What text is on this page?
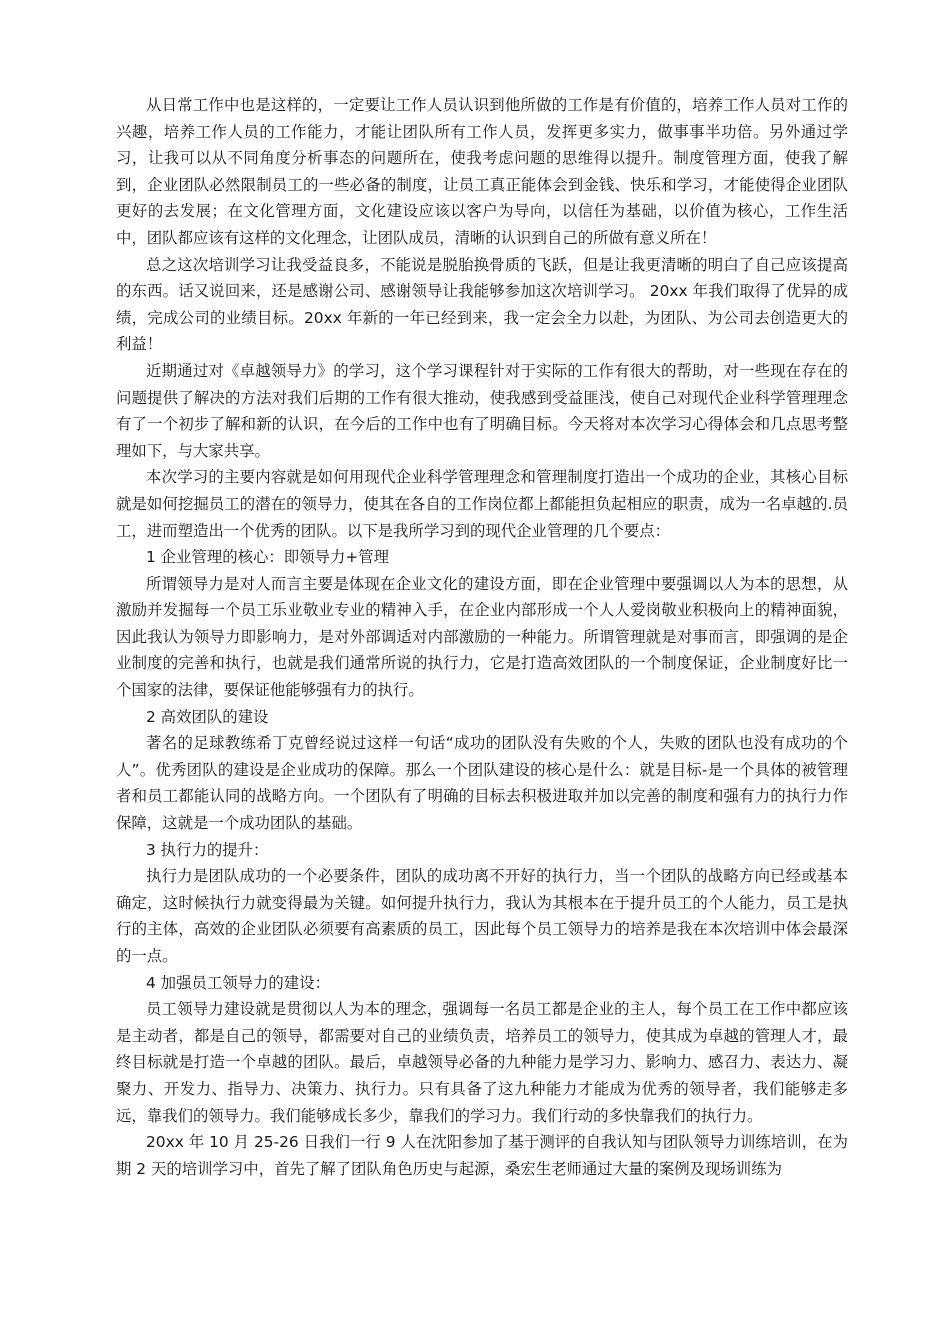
从日常工作中也是这样的，一定要让工作人员认识到他所做的工作是有价值的，培养工作人员对工作的兴趣，培养工作人员的工作能力，才能让团队所有工作人员，发挥更多实力，做事事半功倍。另外通过学习，让我可以从不同角度分析事态的问题所在，使我考虑问题的思维得以提升。制度管理方面，使我了解到，企业团队必然限制员工的一些必备的制度，让员工真正能体会到金钱、快乐和学习，才能使得企业团队更好的去发展；在文化管理方面，文化建设应该以客户为导向，以信任为基础，以价值为核心，工作生活中，团队都应该有这样的文化理念，让团队成员，清晰的认识到自己的所做有意义所在！

总之这次培训学习让我受益良多，不能说是脱胎换骨质的飞跃，但是让我更清晰的明白了自己应该提高的东西。话又说回来，还是感谢公司、感谢领导让我能够参加这次培训学习。 20xx 年我们取得了优异的成绩，完成公司的业绩目标。20xx 年新的一年已经到来，我一定会全力以赴，为团队、为公司去创造更大的利益！

近期通过对《卓越领导力》的学习，这个学习课程针对于实际的工作有很大的帮助，对一些现在存在的问题提供了解决的方法对我们后期的工作有很大推动，使我感到受益匪浅，使自己对现代企业科学管理理念有了一个初步了解和新的认识，在今后的工作中也有了明确目标。今天将对本次学习心得体会和几点思考整理如下，与大家共享。

本次学习的主要内容就是如何用现代企业科学管理理念和管理制度打造出一个成功的企业，其核心目标就是如何挖掘员工的潜在的领导力，使其在各自的工作岗位都上都能担负起相应的职责，成为一名卓越的.员工，进而塑造出一个优秀的团队。以下是我所学习到的现代企业管理的几个要点：

1 企业管理的核心：即领导力+管理

所谓领导力是对人而言主要是体现在企业文化的建设方面，即在企业管理中要强调以人为本的思想，从激励并发掘每一个员工乐业敬业专业的精神入手，在企业内部形成一个人人爱岗敬业积极向上的精神面貌，因此我认为领导力即影响力，是对外部调适对内部激励的一种能力。所谓管理就是对事而言，即强调的是企业制度的完善和执行，也就是我们通常所说的执行力，它是打造高效团队的一个制度保证，企业制度好比一个国家的法律，要保证他能够强有力的执行。

2 高效团队的建设

著名的足球教练希丁克曾经说过这样一句话“成功的团队没有失败的个人，失败的团队也没有成功的个人”。优秀团队的建设是企业成功的保障。那么一个团队建设的核心是什么：就是目标-是一个具体的被管理者和员工都能认同的战略方向。一个团队有了明确的目标去积极进取并加以完善的制度和强有力的执行力作保障，这就是一个成功团队的基础。

3 执行力的提升：

执行力是团队成功的一个必要条件，团队的成功离不开好的执行力，当一个团队的战略方向已经或基本确定，这时候执行力就变得最为关键。如何提升执行力，我认为其根本在于提升员工的个人能力，员工是执行的主体，高效的企业团队必须要有高素质的员工，因此每个员工领导力的培养是我在本次培训中体会最深的一点。

4 加强员工领导力的建设：

员工领导力建设就是贯彻以人为本的理念，强调每一名员工都是企业的主人，每个员工在工作中都应该是主动者，都是自己的领导，都需要对自己的业绩负责，培养员工的领导力，使其成为卓越的管理人才，最终目标就是打造一个卓越的团队。最后，卓越领导必备的九种能力是学习力、影响力、感召力、表达力、凝聚力、开发力、指导力、决策力、执行力。只有具备了这九种能力才能成为优秀的领导者，我们能够走多远，靠我们的领导力。我们能够成长多少，靠我们的学习力。我们行动的多快靠我们的执行力。

20xx 年 10 月 25-26 日我们一行 9 人在沈阳参加了基于测评的自我认知与团队领导力训练培训，在为期 2 天的培训学习中，首先了解了团队角色历史与起源，桑宏生老师通过大量的案例及现场训练为
